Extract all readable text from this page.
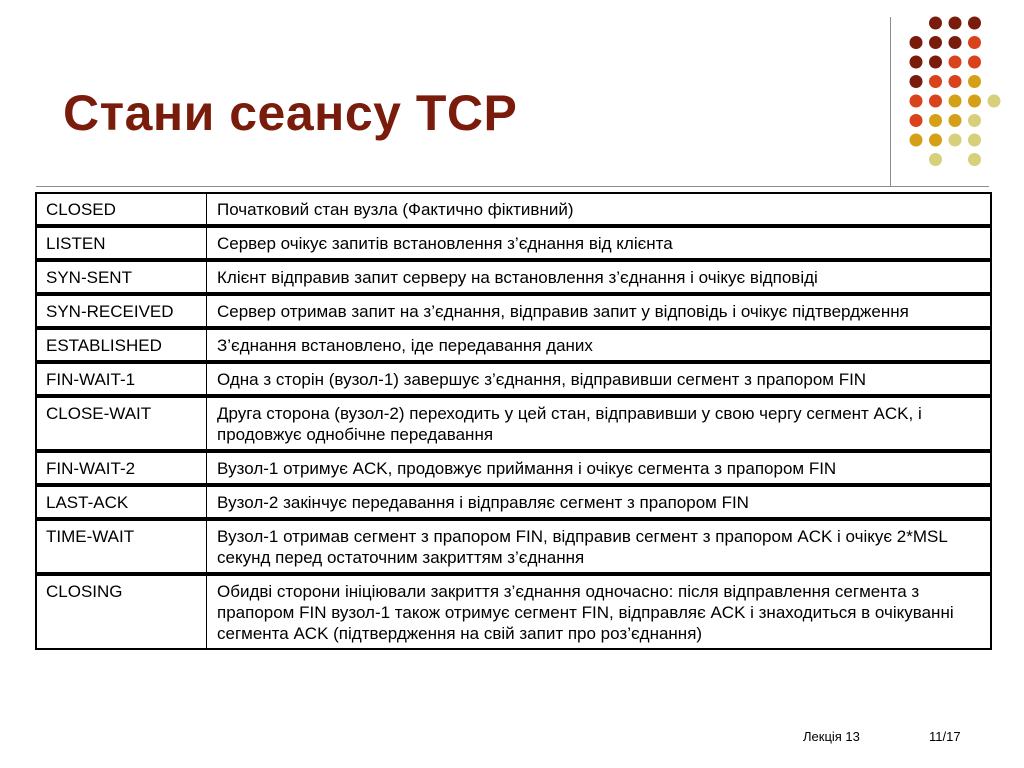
Стани сеансу TCP
CLOSED	Початковий стан вузла (Фактично фіктивний)
LISTEN	Сервер очікує запитів встановлення з’єднання від клієнта
SYN-SENT	Клієнт відправив запит серверу на встановлення з’єднання і очікує відповіді
SYN-RECEIVED	Сервер отримав запит на з’єднання, відправив запит у відповідь і очікує підтвердження
ESTABLISHED	З’єднання встановлено, іде передавання даних
FIN-WAIT-1	Одна з сторін (вузол-1) завершує з’єднання, відправивши сегмент з прапором FIN
CLOSE-WAIT	Друга сторона (вузол-2) переходить у цей стан, відправивши у свою чергу сегмент ACK, і продовжує однобічне передавання
FIN-WAIT-2	Вузол-1 отримує ACK, продовжує приймання і очікує сегмента з прапором FIN
LAST-ACK	Вузол-2 закінчує передавання і відправляє сегмент з прапором FIN
TIME-WAIT	Вузол-1 отримав сегмент з прапором FIN, відправив сегмент з прапором ACK і очікує 2*MSL секунд перед остаточним закриттям з’єднання
CLOSING	Обидві сторони ініціювали закриття з’єднання одночасно: після відправлення сегмента з прапором FIN вузол-1 також отримує сегмент FIN, відправляє ACK і знаходиться в очікуванні сегмента ACK (підтвердження на свій запит про роз’єднання)
Лекція 13	11/17
